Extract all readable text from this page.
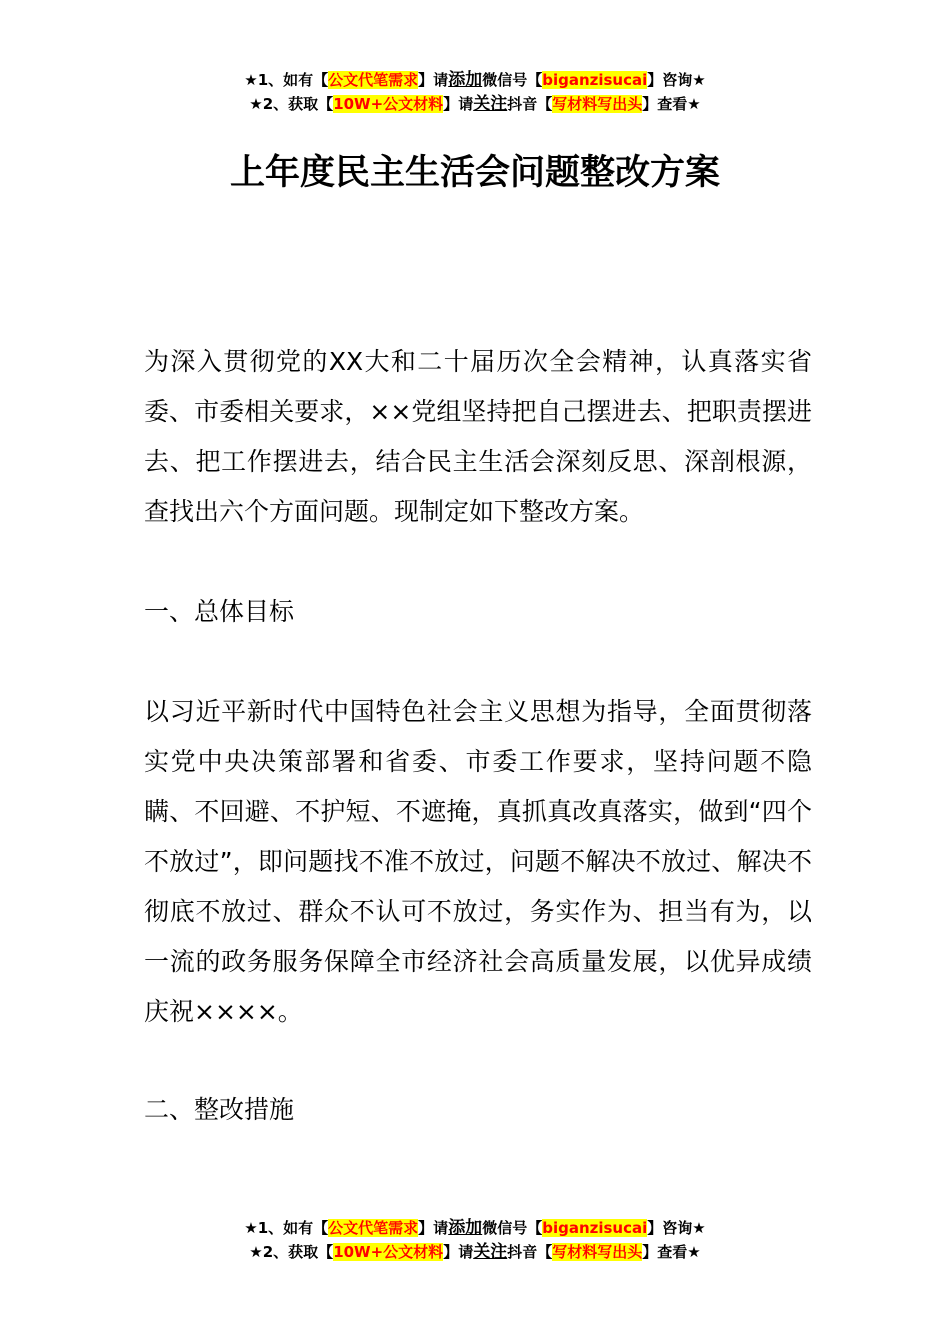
★1、如有【公文代笔需求】请添加微信号【biganzisucai】咨询★
★2、获取【10W+公文材料】请关注抖音【写材料写出头】查看★
上年度民主生活会问题整改方案

为深入贯彻党的XX大和二十届历次全会精神，认真落实省委、市委相关要求，××党组坚持把自己摆进去、把职责摆进去、把工作摆进去，结合民主生活会深刻反思、深剖根源，查找出六个方面问题。现制定如下整改方案。

一、总体目标

以习近平新时代中国特色社会主义思想为指导，全面贯彻落实党中央决策部署和省委、市委工作要求，坚持问题不隐瞒、不回避、不护短、不遮掩，真抓真改真落实，做到“四个不放过”，即问题找不准不放过，问题不解决不放过、解决不彻底不放过、群众不认可不放过，务实作为、担当有为，以一流的政务服务保障全市经济社会高质量发展，以优异成绩庆祝××××。

二、整改措施

★1、如有【公文代笔需求】请添加微信号【biganzisucai】咨询★
★2、获取【10W+公文材料】请关注抖音【写材料写出头】查看★
